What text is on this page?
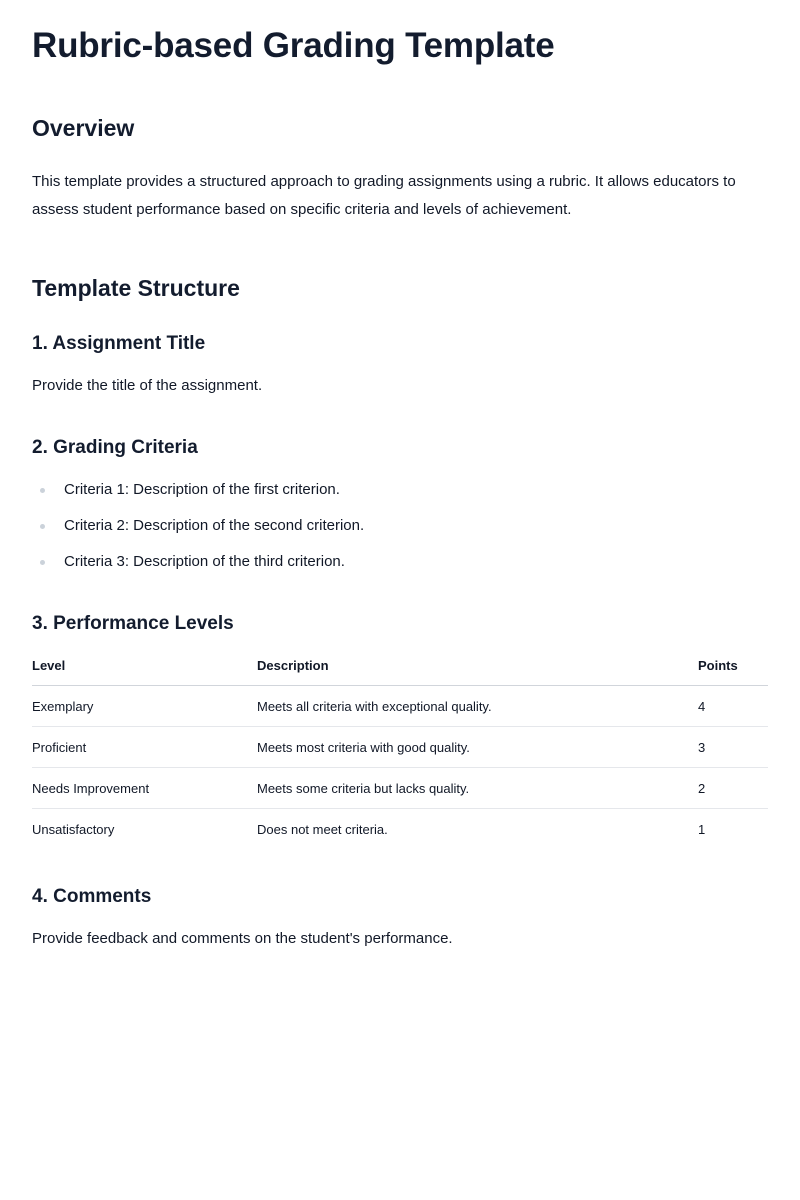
Rubric-based Grading Template
Overview

This template provides a structured approach to grading assignments using a rubric. It allows educators to assess student performance based on specific criteria and levels of achievement.

Template Structure
1. Assignment Title

Provide the title of the assignment.

2. Grading Criteria
Criteria 1: Description of the first criterion.
Criteria 2: Description of the second criterion.
Criteria 3: Description of the third criterion.
3. Performance Levels
Level	Description	Points
Exemplary	Meets all criteria with exceptional quality.	4
Proficient	Meets most criteria with good quality.	3
Needs Improvement	Meets some criteria but lacks quality.	2
Unsatisfactory	Does not meet criteria.	1
4. Comments

Provide feedback and comments on the student's performance.
